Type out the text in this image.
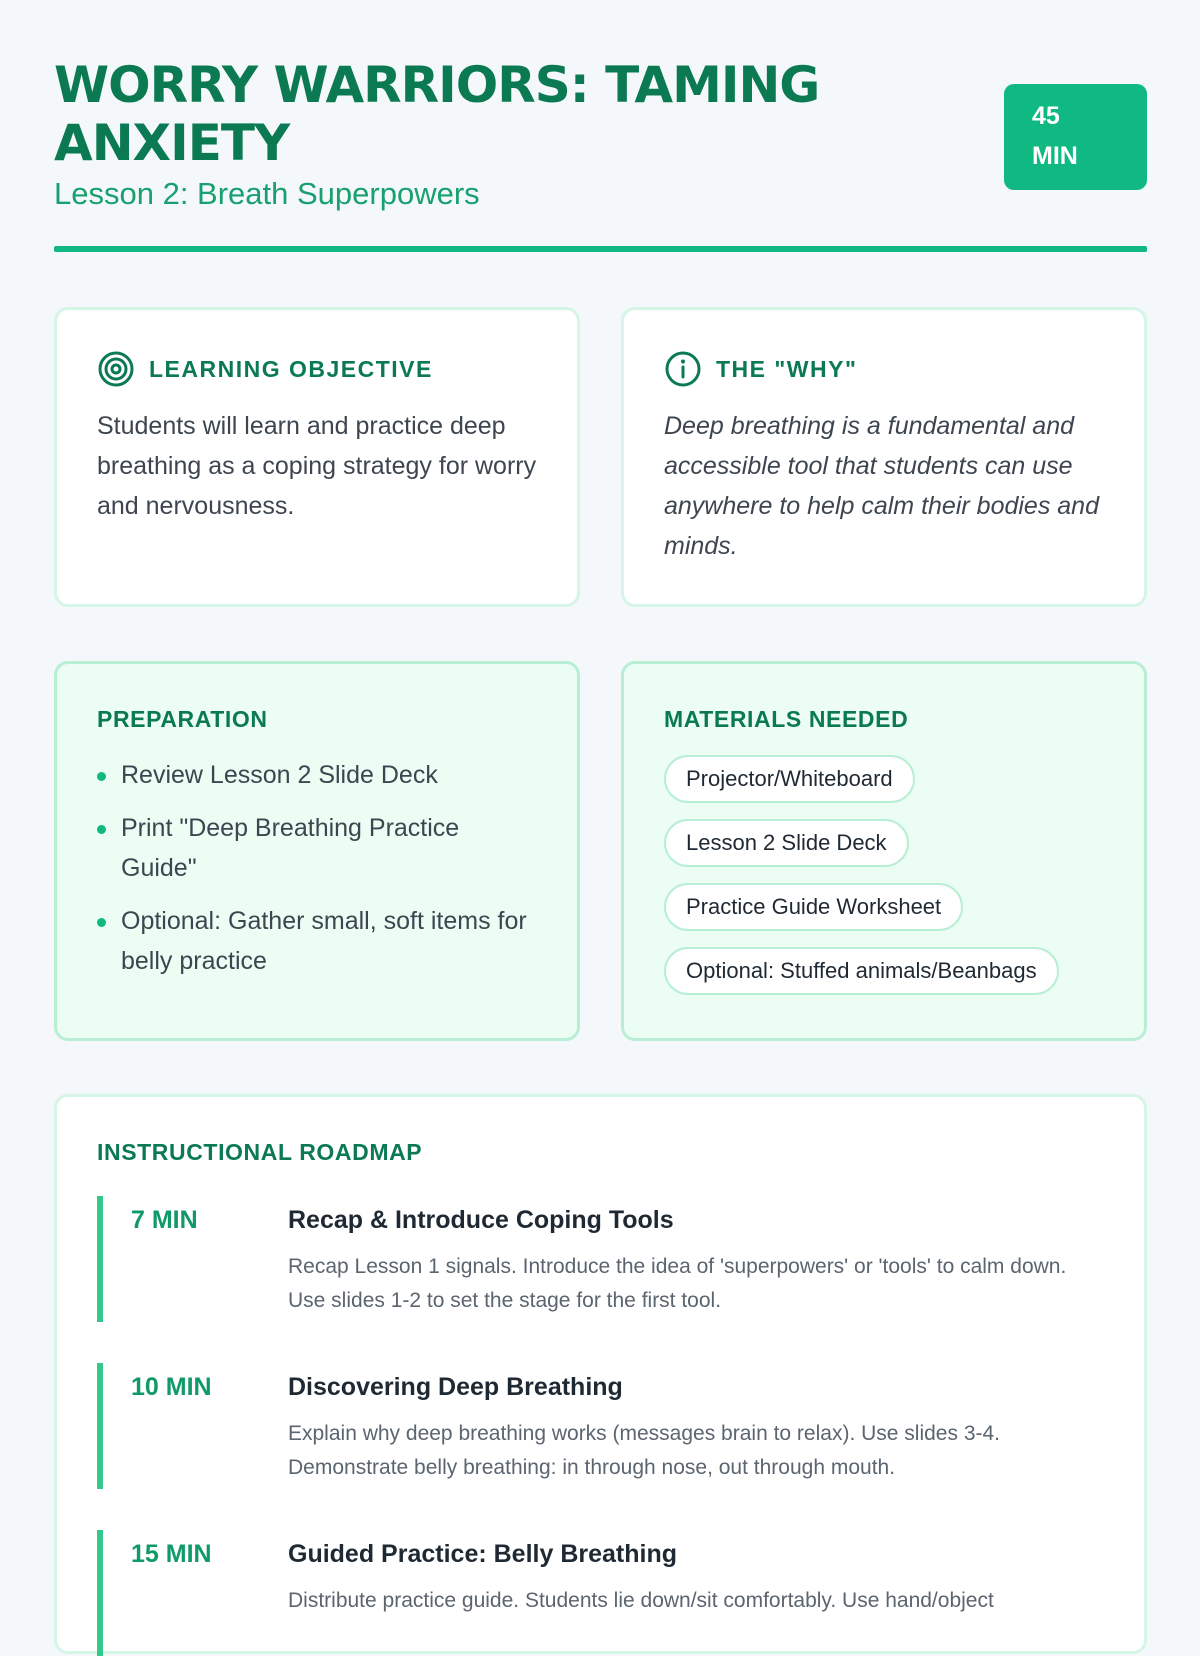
WORRY WARRIORS: TAMING ANXIETY
Lesson 2: Breath Superpowers
45
MIN
LEARNING OBJECTIVE

Students will learn and practice deep breathing as a coping strategy for worry and nervousness.

THE "WHY"

Deep breathing is a fundamental and accessible tool that students can use anywhere to help calm their bodies and minds.

PREPARATION
Review Lesson 2 Slide Deck
Print "Deep Breathing Practice Guide"
Optional: Gather small, soft items for belly practice
MATERIALS NEEDED
Projector/Whiteboard
Lesson 2 Slide Deck
Practice Guide Worksheet
Optional: Stuffed animals/Beanbags
INSTRUCTIONAL ROADMAP
7 MIN	Recap & Introduce Coping Tools
Recap Lesson 1 signals. Introduce the idea of 'superpowers' or 'tools' to calm down. Use slides 1-2 to set the stage for the first tool.
10 MIN	Discovering Deep Breathing
Explain why deep breathing works (messages brain to relax). Use slides 3-4. Demonstrate belly breathing: in through nose, out through mouth.
15 MIN	Guided Practice: Belly Breathing
Distribute practice guide. Students lie down/sit comfortably. Use hand/object
